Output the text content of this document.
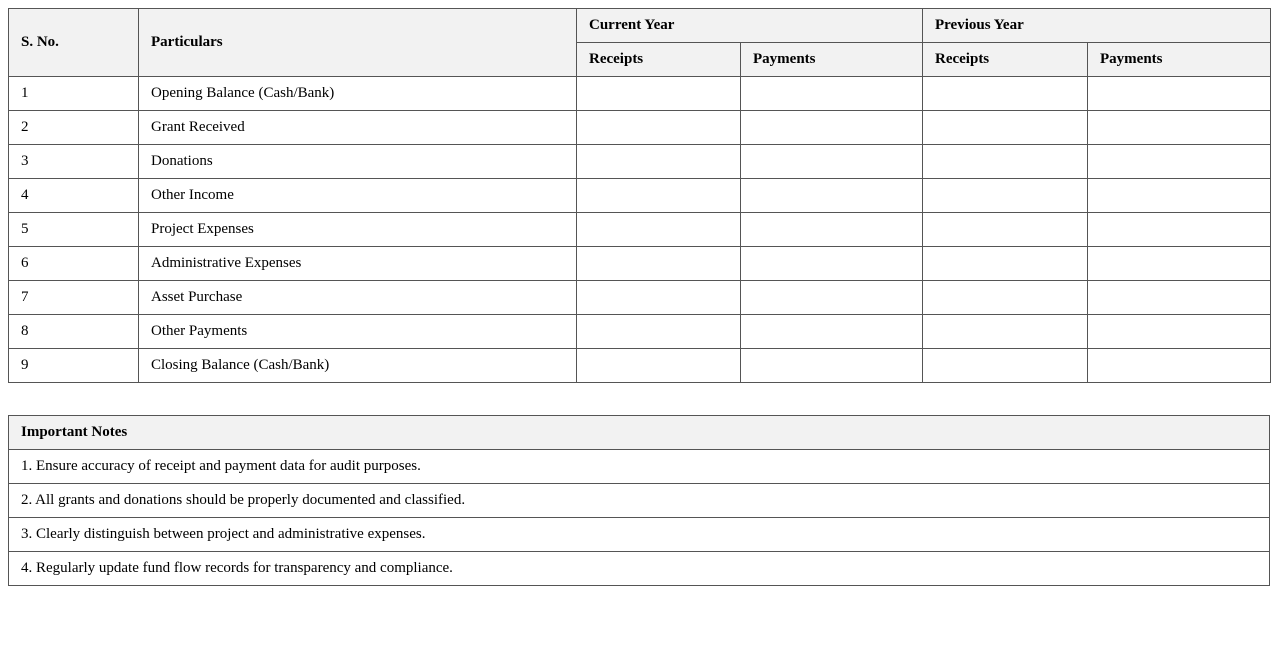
S. No.	Particulars	Current Year		Previous Year	
		Receipts	Payments	Receipts	Payments
1	Opening Balance (Cash/Bank)				
2	Grant Received				
3	Donations				
4	Other Income				
5	Project Expenses				
6	Administrative Expenses				
7	Asset Purchase				
8	Other Payments				
9	Closing Balance (Cash/Bank)				
Important Notes
1. Ensure accuracy of receipt and payment data for audit purposes.
2. All grants and donations should be properly documented and classified.
3. Clearly distinguish between project and administrative expenses.
4. Regularly update fund flow records for transparency and compliance.
